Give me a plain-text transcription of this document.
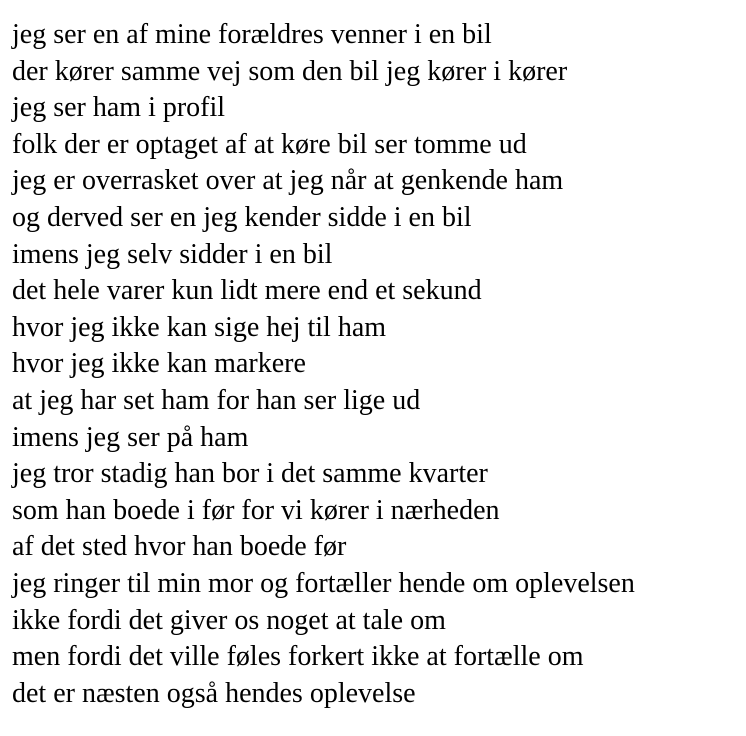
jeg ser en af mine forældres venner i en bil
der kører samme vej som den bil jeg kører i kører
jeg ser ham i profil
folk der er optaget af at køre bil ser tomme ud
jeg er overrasket over at jeg når at genkende ham
og derved ser en jeg kender sidde i en bil
imens jeg selv sidder i en bil
det hele varer kun lidt mere end et sekund
hvor jeg ikke kan sige hej til ham
hvor jeg ikke kan markere
at jeg har set ham for han ser lige ud
imens jeg ser på ham
jeg tror stadig han bor i det samme kvarter
som han boede i før for vi kører i nærheden
af det sted hvor han boede før
jeg ringer til min mor og fortæller hende om oplevelsen
ikke fordi det giver os noget at tale om
men fordi det ville føles forkert ikke at fortælle om
det er næsten også hendes oplevelse
